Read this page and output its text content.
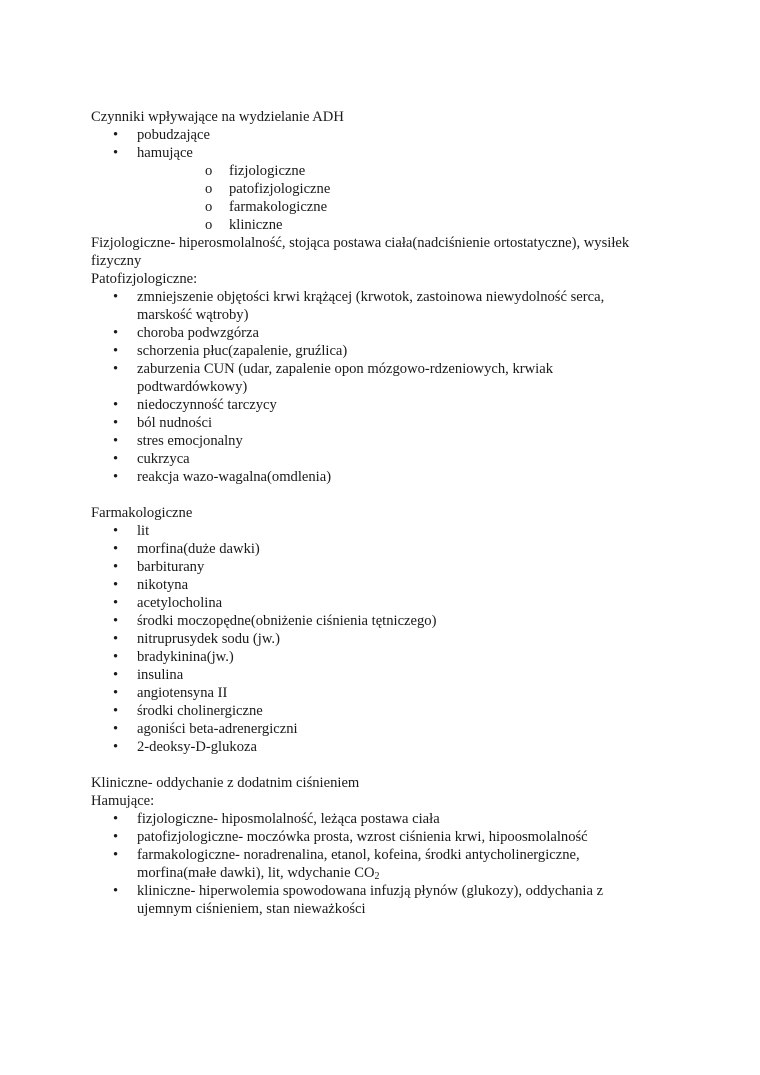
Czynniki wpływające na wydzielanie ADH

• pobudzające
• hamujące
o fizjologiczne
o patofizjologiczne
o farmakologiczne
o kliniczne

Fizjologiczne- hiperosmolalność, stojąca postawa ciała(nadciśnienie ortostatyczne), wysiłek fizyczny

Patofizjologiczne:

• zmniejszenie objętości krwi krążącej (krwotok, zastoinowa niewydolność serca, marskość wątroby)
• choroba podwzgórza
• schorzenia płuc(zapalenie, gruźlica)
• zaburzenia CUN (udar, zapalenie opon mózgowo-rdzeniowych, krwiak podtwardówkowy)
• niedoczynność tarczycy
• ból nudności
• stres emocjonalny
• cukrzyca
• reakcja wazo-wagalna(omdlenia)

Farmakologiczne

• lit
• morfina(duże dawki)
• barbiturany
• nikotyna
• acetylocholina
• środki moczopędne(obniżenie ciśnienia tętniczego)
• nitruprusydek sodu (jw.)
• bradykinina(jw.)
• insulina
• angiotensyna II
• środki cholinergiczne
• agoniści beta-adrenergiczni
• 2-deoksy-D-glukoza

Kliniczne- oddychanie z dodatnim ciśnieniem

Hamujące:

• fizjologiczne- hiposmolalność, leżąca postawa ciała
• patofizjologiczne- moczówka prosta, wzrost ciśnienia krwi, hipoosmolalność
• farmakologiczne- noradrenalina, etanol, kofeina, środki antycholinergiczne, morfina(małe dawki), lit, wdychanie $CO_2$
• kliniczne- hiperwolemia spowodowana infuzją płynów (glukozy), oddychania z ujemnym ciśnieniem, stan nieważkości
